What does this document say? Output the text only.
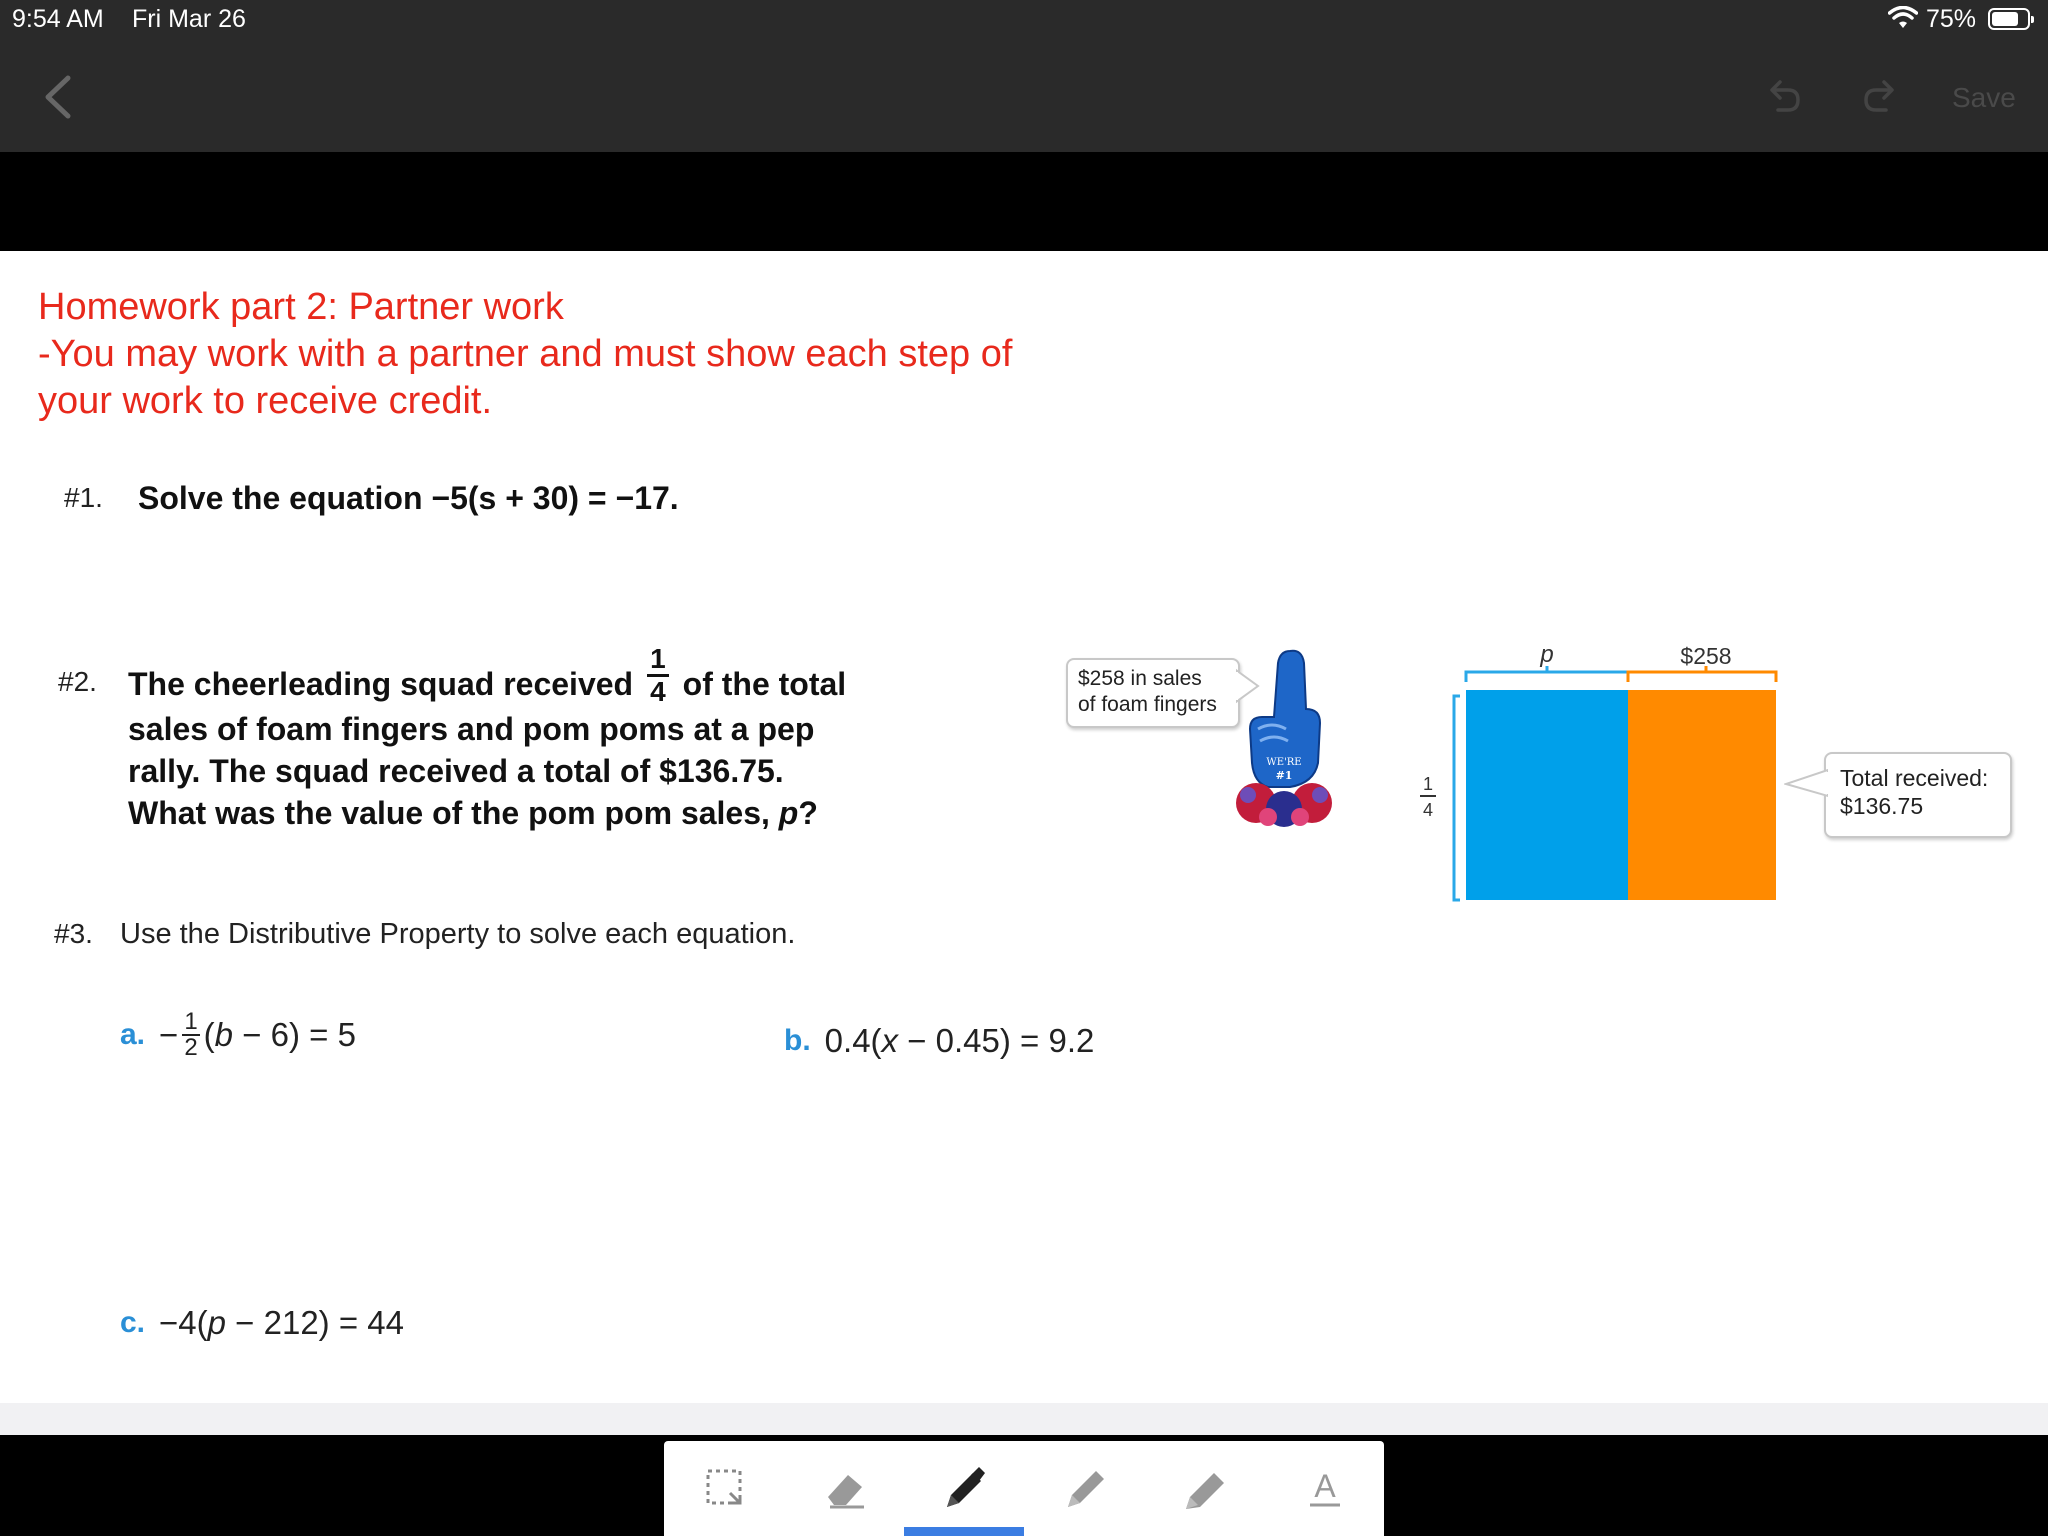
9:54 AM Fri Mar 26	75%
Save
Homework part 2: Partner work
-You may work with a partner and must show each step of
your work to receive credit.
#1. Solve the equation −5(s + 30) = −17.
#2. The cheerleading squad received $\frac{1}{4}$ of the total
sales of foam fingers and pom poms at a pep
rally. The squad received a total of $136.75.
What was the value of the pom pom sales, p?
$258 in sales
of foam fingers
WE'RE
#1
p	$258
1
4
Total received:
$136.75
#3. Use the Distributive Property to solve each equation.
a. − $\frac{1}{2}$ ( b − 6) = 5	b. 0.4( x − 0.45) = 9.2
c. −4( p − 212) = 44
A
